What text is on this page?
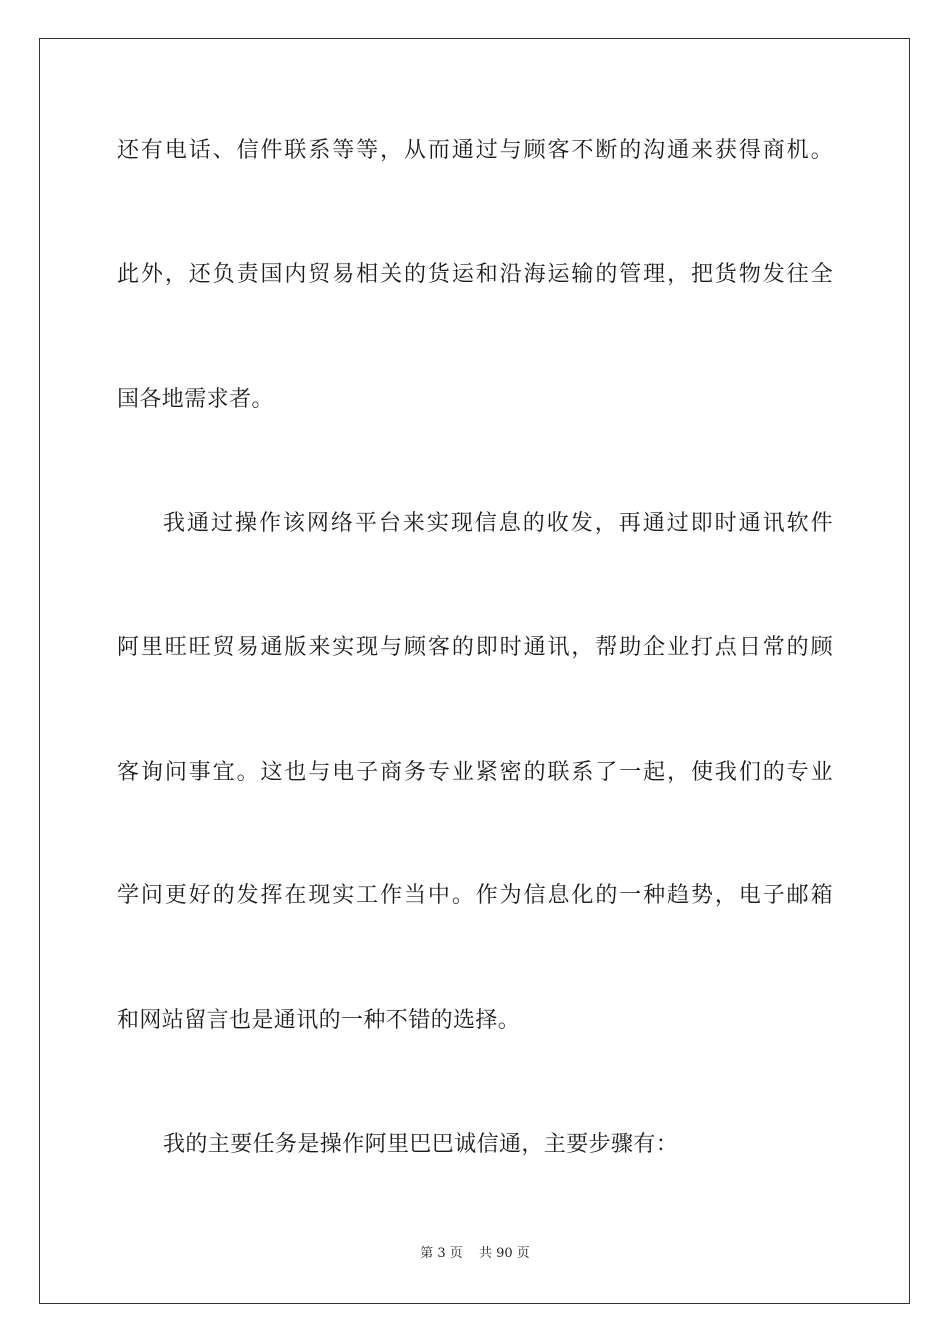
还有电话、信件联系等等，从而通过与顾客不断的沟通来获得商机。
此外，还负责国内贸易相关的货运和沿海运输的管理，把货物发往全
国各地需求者。
我通过操作该网络平台来实现信息的收发，再通过即时通讯软件
阿里旺旺贸易通版来实现与顾客的即时通讯，帮助企业打点日常的顾
客询问事宜。这也与电子商务专业紧密的联系了一起，使我们的专业
学问更好的发挥在现实工作当中。作为信息化的一种趋势，电子邮箱
和网站留言也是通讯的一种不错的选择。
我的主要任务是操作阿里巴巴诚信通，主要步骤有：
第 3 页 共 90 页
